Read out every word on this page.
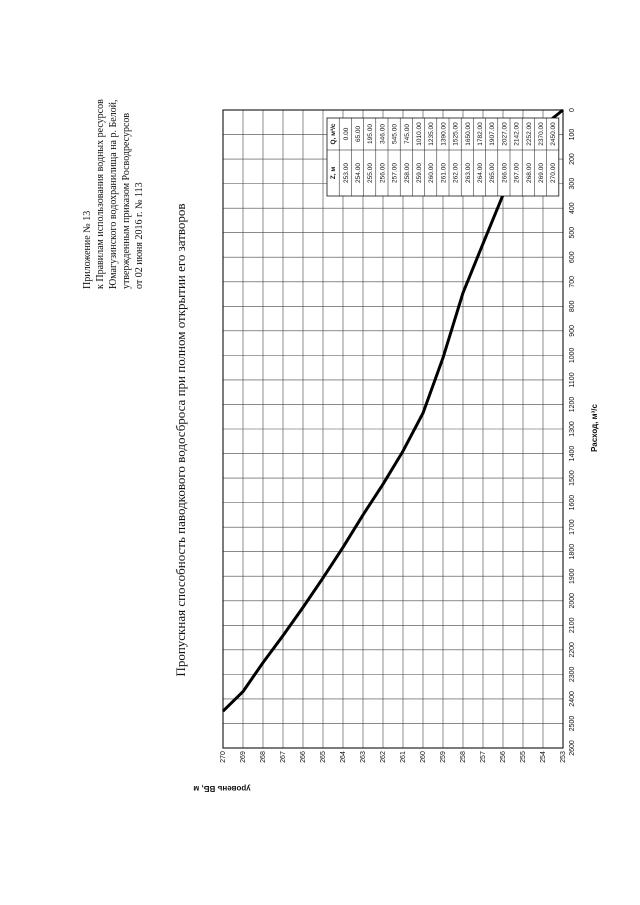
Приложение № 13 к Правилам использования водных ресурсов Юмагузинского водохранилища на р. Белой, утвержденным приказом Росводресурсов от 02 июня 2016 г. № 113 Пропускная способность паводкового водосброса при полном открытии его затворов
уровень ВБ, м
Расход, м³/с
0
100
200
300
400
500
600
700
800
900
1000
1100
1200
1300
1400
1500
1600
1700
1800
1900
2000
2100
2200
2300
2400
2500
2600
253
254
255
256
257
258
259
260
261
262
263
264
265
266
267
268
269
270
Z, м
Q, м³/с
253.00
0.00
254.00
65.00
255.00
195.00
256.00
346.00
257.00
545.00
258.00
745.00
259.00
1010.00
260.00
1235.00
261.00
1390.00
262.00
1525.00
263.00
1650.00
264.00
1782.00
265.00
1907.00
266.00
2027.00
267.00
2142.00
268.00
2252.00
269.00
2370.00
270.00
2450.00
